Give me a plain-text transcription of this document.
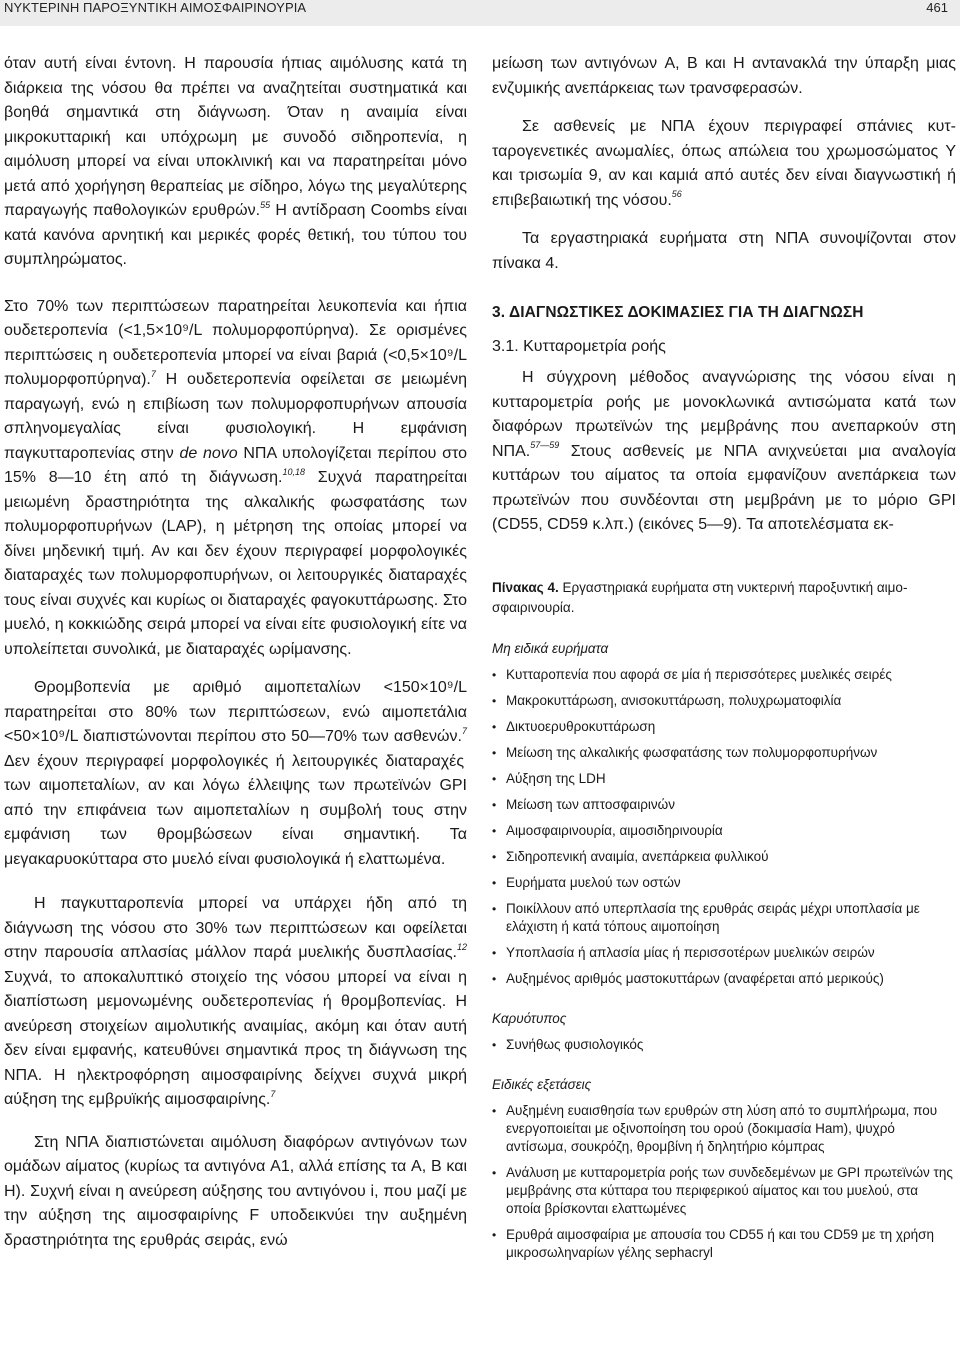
ΝΥΚΤΕΡΙΝΗ ΠΑΡΟΞΥΝΤΙΚΗ ΑΙΜΟΣΦΑΙΡΙΝΟΥΡΙΑ	461

όταν αυτή είναι έντονη. Η παρουσία ήπιας αιμόλυσης κατά τη διάρκεια της νόσου θα πρέπει να αναζητείται συστηματικά και βοηθά σημαντικά στη διάγνωση. Όταν η αναιμία είναι μικροκυτταρική και υπόχρωμη με συνοδό σιδηροπενία, η αιμόλυση μπορεί να είναι υποκλινική και να παρατηρείται μόνο μετά από χορήγηση θεραπείας με σίδηρο, λόγω της μεγαλύτερης παραγωγής παθολογικών ερυθρών.$^{55}$ Η αντίδραση Coombs είναι κατά κανόνα αρνητική και μερικές φορές θετική, του τύπου του συμπληρώματος.

Στο 70% των περιπτώσεων παρατηρείται λευκοπενία και ήπια ουδετεροπενία (<1,5×10⁹/L πολυμορφοπύρηνα). Σε ορισμένες περιπτώσεις η ουδετεροπενία μπορεί να είναι βαριά (<0,5×10⁹/L πολυμορφοπύρηνα).$^7$ Η ουδετεροπενία οφείλεται σε μειωμένη παραγωγή, ενώ η επιβίωση των πολυμορφοπυρήνων απουσία σπληνομεγαλίας είναι φυσιολογική. Η εμφάνιση παγκυτταροπενίας στην de novo ΝΠΑ υπολογίζεται περίπου στο 15% 8—10 έτη από τη διάγνωση.$^{10,18}$ Συχνά παρατηρείται μειωμένη δραστηριότητα της αλκαλικής φωσφατάσης των πολυμορφοπυρήνων (LAP), η μέτρηση της οποίας μπορεί να δίνει μηδενική τιμή. Αν και δεν έχουν περιγραφεί μορφολογικές διαταραχές των πολυμορφοπυρήνων, οι λειτουργικές διαταραχές τους είναι συχνές και κυρίως οι διαταραχές φαγοκυττάρωσης. Στο μυελό, η κοκκιώδης σειρά μπορεί να είναι είτε φυσιολογική είτε να υπολείπεται συνολικά, με διαταραχές ωρίμανσης.

Θρομβοπενία με αριθμό αιμοπεταλίων <150×10⁹/L παρατηρείται στο 80% των περιπτώσεων, ενώ αιμοπετάλια <50×10⁹/L διαπιστώνονται περίπου στο 50—70% των ασθενών.$^7$ Δεν έχουν περιγραφεί μορφολογικές ή λειτουργικές διαταραχές των αιμοπεταλίων, αν και λόγω έλλειψης των πρωτεϊνών GPI από την επιφάνεια των αιμοπεταλίων η συμβολή τους στην εμφάνιση των θρομβώσεων είναι σημαντική. Τα μεγακαρυοκύτταρα στο μυελό είναι φυσιολογικά ή ελαττωμένα.

Η παγκυτταροπενία μπορεί να υπάρχει ήδη από τη διάγνωση της νόσου στο 30% των περιπτώσεων και οφείλεται στην παρουσία απλασίας μάλλον παρά μυελικής δυσπλασίας.$^{12}$ Συχνά, το αποκαλυπτικό στοιχείο της νόσου μπορεί να είναι η διαπίστωση μεμονωμένης ουδετεροπενίας ή θρομβοπενίας. Η ανεύρεση στοιχείων αιμολυτικής αναιμίας, ακόμη και όταν αυτή δεν είναι εμφανής, κατευθύνει σημαντικά προς τη διάγνωση της ΝΠΑ. Η ηλεκτροφόρηση αιμοσφαιρίνης δείχνει συχνά μικρή αύξηση της εμβρυϊκής αιμοσφαιρίνης.$^7$

Στη ΝΠΑ διαπιστώνεται αιμόλυση διαφόρων αντιγόνων των ομάδων αίματος (κυρίως τα αντιγόνα A1, αλλά επίσης τα A, B και H). Συχνή είναι η ανεύρεση αύξησης του αντιγόνου i, που μαζί με την αύξηση της αιμοσφαιρίνης F υποδεικνύει την αυξημένη δραστηριότητα της ερυθράς σειράς, ενώ

μείωση των αντιγόνων A, B και H αντανακλά την ύπαρξη μιας ενζυμικής ανεπάρκειας των τρανσφερασών.

Σε ασθενείς με ΝΠΑ έχουν περιγραφεί σπάνιες κυτταρογενετικές ανωμαλίες, όπως απώλεια του χρωμοσώματος Y και τρισωμία 9, αν και καμιά από αυτές δεν είναι διαγνωστική ή επιβεβαιωτική της νόσου.$^{56}$

Τα εργαστηριακά ευρήματα στη ΝΠΑ συνοψίζονται στον πίνακα 4.

3. ΔΙΑΓΝΩΣΤΙΚΕΣ ΔΟΚΙΜΑΣΙΕΣ ΓΙΑ ΤΗ ΔΙΑΓΝΩΣΗ
3.1. Κυτταρομετρία ροής

Η σύγχρονη μέθοδος αναγνώρισης της νόσου είναι η κυτταρομετρία ροής με μονοκλωνικά αντισώματα κατά των διαφόρων πρωτεϊνών της μεμβράνης που ανεπαρκούν στη ΝΠΑ.$^{57—59}$ Στους ασθενείς με ΝΠΑ ανιχνεύεται μια αναλογία κυττάρων του αίματος τα οποία εμφανίζουν ανεπάρκεια των πρωτεϊνών που συνδέονται στη μεμβράνη με το μόριο GPI (CD55, CD59 κ.λπ.) (εικόνες 5—9). Τα αποτελέσματα εκ-

Πίνακας 4. Εργαστηριακά ευρήματα στη νυκτερινή παροξυντική αιμοσφαιρινουρία.

Μη ειδικά ευρήματα
• Κυτταροπενία που αφορά σε μία ή περισσότερες μυελικές σειρές
• Μακροκυττάρωση, ανισοκυττάρωση, πολυχρωματοφιλία
• Δικτυοερυθροκυττάρωση
• Μείωση της αλκαλικής φωσφατάσης των πολυμορφοπυρήνων
• Αύξηση της LDH
• Μείωση των απτοσφαιρινών
• Αιμοσφαιρινουρία, αιμοσιδηρινουρία
• Σιδηροπενική αναιμία, ανεπάρκεια φυλλικού
• Ευρήματα μυελού των οστών
• Ποικίλλουν από υπερπλασία της ερυθράς σειράς μέχρι υποπλασία με ελάχιστη ή κατά τόπους αιμοποίηση
• Υποπλασία ή απλασία μίας ή περισσοτέρων μυελικών σειρών
• Αυξημένος αριθμός μαστοκυττάρων (αναφέρεται από μερικούς)
Καρυότυπος
• Συνήθως φυσιολογικός
Ειδικές εξετάσεις
• Αυξημένη ευαισθησία των ερυθρών στη λύση από το συμπλήρωμα, που ενεργοποιείται με οξινοποίηση του ορού (δοκιμασία Ham), ψυχρό αντίσωμα, σουκρόζη, θρομβίνη ή δηλητήριο κόμπρας
• Ανάλυση με κυτταρομετρία ροής των συνδεδεμένων με GPI πρωτεϊνών της μεμβράνης στα κύτταρα του περιφερικού αίματος και του μυελού, στα οποία βρίσκονται ελαττωμένες
• Ερυθρά αιμοσφαίρια με απουσία του CD55 ή και του CD59 με τη χρήση μικροσωληναρίων γέλης sephacryl
